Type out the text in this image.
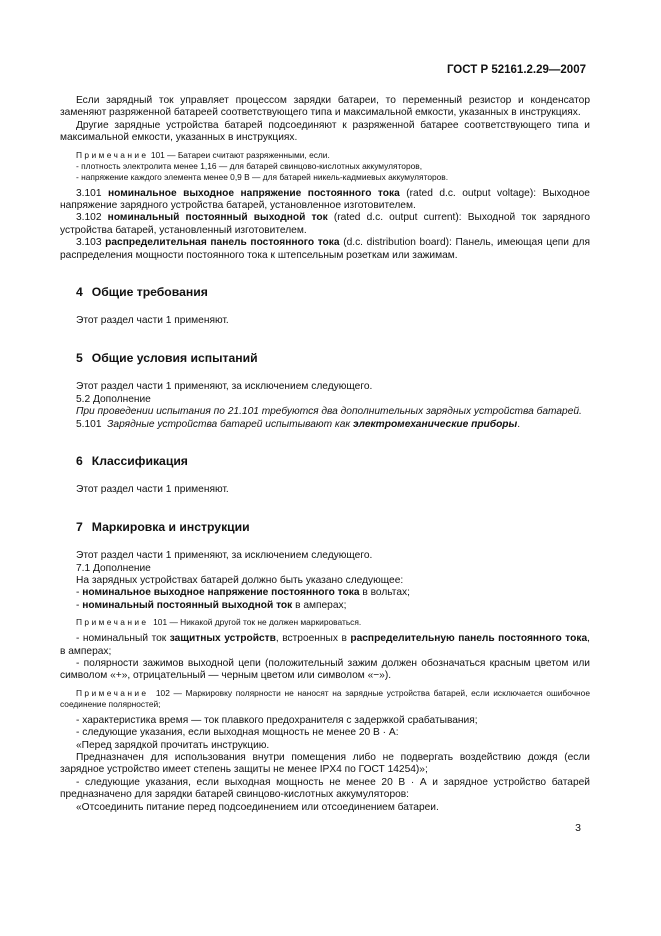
ГОСТ Р 52161.2.29—2007

Если зарядный ток управляет процессом зарядки батареи, то переменный резистор и конденсатор заменяют разряженной батареей соответствующего типа и максимальной емкости, указанных в инструкциях.

Другие зарядные устройства батарей подсоединяют к разряженной батарее соответствующего типа и максимальной емкости, указанных в инструкциях.

Примечание 101 — Батареи считают разряженными, если.

- плотность электролита менее 1,16 — для батарей свинцово-кислотных аккумуляторов,

- напряжение каждого элемента менее 0,9 В — для батарей никель-кадмиевых аккумуляторов.

3.101 номинальное выходное напряжение постоянного тока (rated d.c. output voltage): Выходное напряжение зарядного устройства батарей, установленное изготовителем.

3.102 номинальный постоянный выходной ток (rated d.c. output current): Выходной ток зарядного устройства батарей, установленный изготовителем.

3.103 распределительная панель постоянного тока (d.c. distribution board): Панель, имеющая цепи для распределения мощности постоянного тока к штепсельным розеткам или зажимам.

4 Общие требования

Этот раздел части 1 применяют.

5 Общие условия испытаний

Этот раздел части 1 применяют, за исключением следующего.

5.2 Дополнение

При проведении испытания по 21.101 требуются два дополнительных зарядных устройства батарей.

5.101 Зарядные устройства батарей испытывают как электромеханические приборы.

6 Классификация

Этот раздел части 1 применяют.

7 Маркировка и инструкции

Этот раздел части 1 применяют, за исключением следующего.

7.1 Дополнение

На зарядных устройствах батарей должно быть указано следующее:

- номинальное выходное напряжение постоянного тока в вольтах;

- номинальный постоянный выходной ток в амперах;

Примечание 101 — Никакой другой ток не должен маркироваться.

- номинальный ток защитных устройств, встроенных в распределительную панель постоянного тока, в амперах;

- полярности зажимов выходной цепи (положительный зажим должен обозначаться красным цветом или символом «+», отрицательный — черным цветом или символом «−»).

Примечание 102 — Маркировку полярности не наносят на зарядные устройства батарей, если исключается ошибочное соединение полярностей;

- характеристика время — ток плавкого предохранителя с задержкой срабатывания;

- следующие указания, если выходная мощность не менее 20 В · А:

«Перед зарядкой прочитать инструкцию.

Предназначен для использования внутри помещения либо не подвергать воздействию дождя (если зарядное устройство имеет степень защиты не менее IPX4 по ГОСТ 14254)»;

- следующие указания, если выходная мощность не менее 20 В · А и зарядное устройство батарей предназначено для зарядки батарей свинцово-кислотных аккумуляторов:

«Отсоединить питание перед подсоединением или отсоединением батареи.

3
